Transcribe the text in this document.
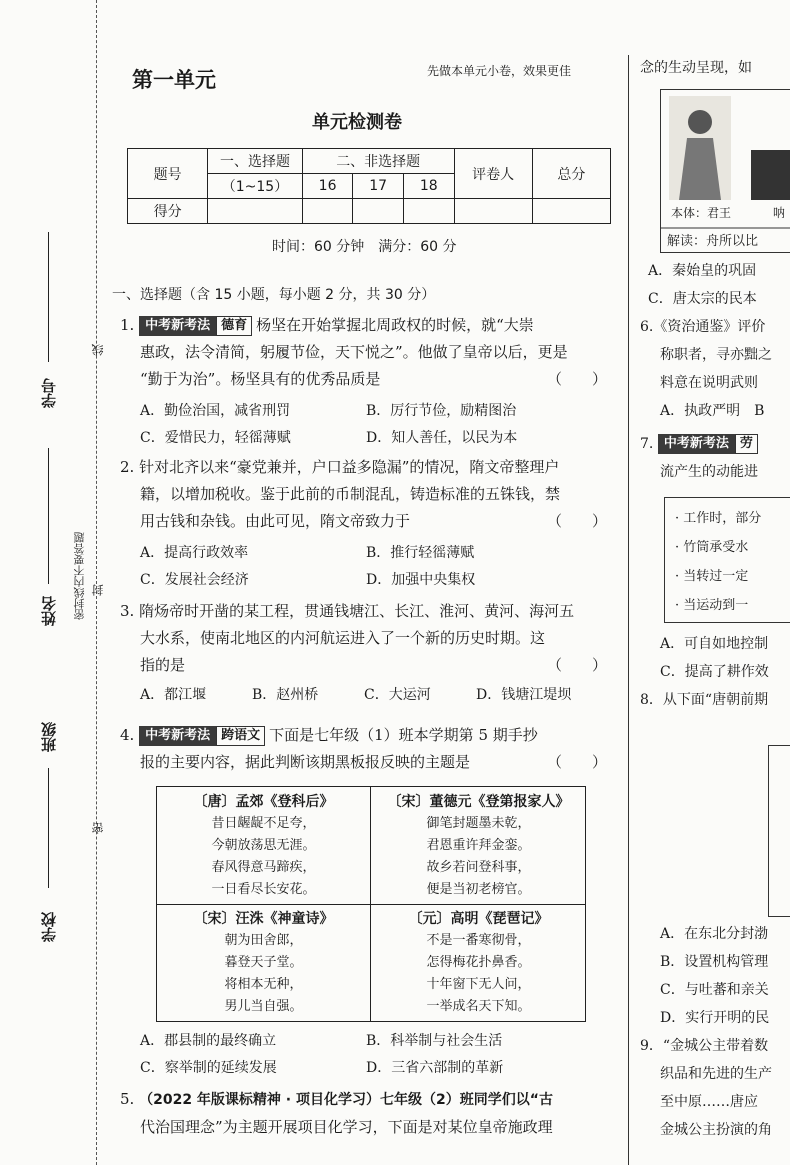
学号
姓名
班级
学校
密封线内不要答题
线
封
密
第一单元	先做本单元小卷，效果更佳
单元检测卷
题号	一、选择题	二、非选择题			评卷人	总分
	（1~15）	16	17	18		
得分						
时间：60 分钟　满分：60 分
一、选择题（含 15 小题，每小题 2 分，共 30 分）
1. 中考新考法 德育 杨坚在开始掌握北周政权的时候，就“大崇
惠政，法令清简，躬履节俭，天下悦之”。他做了皇帝以后，更是
“勤于为治”。杨坚具有的优秀品质是	（　　）
A．勤俭治国，减省刑罚	B．厉行节俭，励精图治
C．爱惜民力，轻徭薄赋	D．知人善任，以民为本
2. 针对北齐以来“豪党兼并，户口益多隐漏”的情况，隋文帝整理户
籍，以增加税收。鉴于此前的币制混乱，铸造标准的五铢钱，禁
用古钱和杂钱。由此可见，隋文帝致力于	（　　）
A．提高行政效率	B．推行轻徭薄赋
C．发展社会经济	D．加强中央集权
3. 隋炀帝时开凿的某工程，贯通钱塘江、长江、淮河、黄河、海河五
大水系，使南北地区的内河航运进入了一个新的历史时期。这
指的是	（　　）
A．都江堰	B．赵州桥	C．大运河	D．钱塘江堤坝
4. 中考新考法 跨语文 下面是七年级（1）班本学期第 5 期手抄
报的主要内容，据此判断该期黑板报反映的主题是	（　　）
〔唐〕孟郊《登科后》
昔日龌龊不足夸，
今朝放荡思无涯。
春风得意马蹄疾，
一日看尽长安花。
〔宋〕董德元《登第报家人》
御笔封题墨未乾，
君恩重许拜金銮。
故乡若问登科事，
便是当初老榜官。
〔宋〕汪洙《神童诗》
朝为田舍郎，
暮登天子堂。
将相本无种，
男儿当自强。
〔元〕高明《琵琶记》
不是一番寒彻骨，
怎得梅花扑鼻香。
十年窗下无人问，
一举成名天下知。
A．郡县制的最终确立	B．科举制与社会生活
C．察举制的延续发展	D．三省六部制的革新
5. （2022 年版课标精神 · 项目化学习）七年级（2）班同学们以“古
代治国理念”为主题开展项目化学习，下面是对某位皇帝施政理
念的生动呈现，如
本体：君王	呐
解读：舟所以比
A．秦始皇的巩固
C．唐太宗的民本
6.《资治通鉴》评价
称职者，寻亦黜之
料意在说明武则
A．执政严明　B
7. 中考新考法 劳
流产生的动能进
· 工作时，部分
· 竹筒承受水
· 当转过一定
· 当运动到一
A．可自如地控制
C．提高了耕作效
8．从下面“唐朝前期
A．在东北分封渤
B．设置机构管理
C．与吐蕃和亲关
D．实行开明的民
9．“金城公主带着数
织品和先进的生产
至中原……唐应
金城公主扮演的角
